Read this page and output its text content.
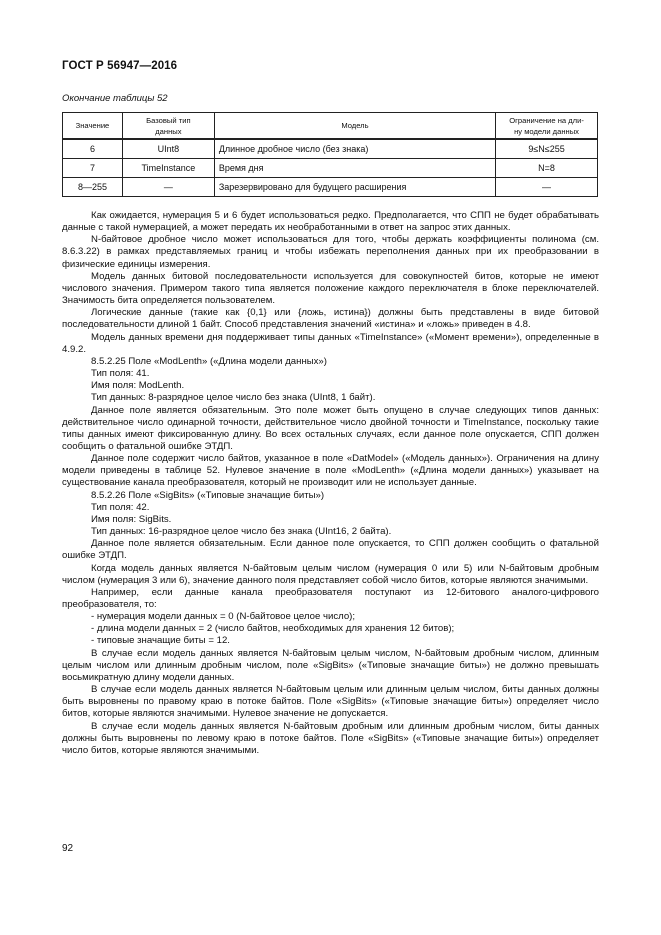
ГОСТ Р 56947—2016
Окончание таблицы 52
Значение	Базовый тип данных	Модель	Ограничение на дли- ну модели данных
6	UInt8	Длинное дробное число (без знака)	9≤N≤255
7	TimeInstance	Время дня	N=8
8—255	—	Зарезервировано для будущего расширения	—

Как ожидается, нумерация 5 и 6 будет использоваться редко. Предполагается, что СПП не будет обрабатывать данные с такой нумерацией, а может передать их необработанными в ответ на запрос этих данных.

N-байтовое дробное число может использоваться для того, чтобы держать коэффициенты полинома (см. 8.6.3.22) в рамках представляемых границ и чтобы избежать переполнения данных при их преобразовании в физические единицы измерения.

Модель данных битовой последовательности используется для совокупностей битов, которые не имеют числового значения. Примером такого типа является положение каждого переключателя в блоке переключателей. Значимость бита определяется пользователем.

Логические данные (такие как {0,1} или {ложь, истина}) должны быть представлены в виде битовой последовательности длиной 1 байт. Способ представления значений «истина» и «ложь» приведен в 4.8.

Модель данных времени дня поддерживает типы данных «TimeInstance» («Момент времени»), определенные в 4.9.2.

8.5.2.25 Поле «ModLenth» («Длина модели данных»)

Тип поля: 41.

Имя поля: ModLenth.

Тип данных: 8-разрядное целое число без знака (UInt8, 1 байт).

Данное поле является обязательным. Это поле может быть опущено в случае следующих типов данных: действительное число одинарной точности, действительное число двойной точности и TimeInstance, поскольку такие типы данных имеют фиксированную длину. Во всех остальных случаях, если данное поле опускается, СПП должен сообщить о фатальной ошибке ЭТДП.

Данное поле содержит число байтов, указанное в поле «DatModel» («Модель данных»). Ограничения на длину модели приведены в таблице 52. Нулевое значение в поле «ModLenth» («Длина модели данных») указывает на существование канала преобразователя, который не производит или не использует данные.

8.5.2.26 Поле «SigBits» («Типовые значащие биты»)

Тип поля: 42.

Имя поля: SigBits.

Тип данных: 16-разрядное целое число без знака (UInt16, 2 байта).

Данное поле является обязательным. Если данное поле опускается, то СПП должен сообщить о фатальной ошибке ЭТДП.

Когда модель данных является N-байтовым целым числом (нумерация 0 или 5) или N-байтовым дробным числом (нумерация 3 или 6), значение данного поля представляет собой число битов, которые являются значимыми.

Например, если данные канала преобразователя поступают из 12-битового аналого-цифрового преобразователя, то:

- нумерация модели данных = 0 (N-байтовое целое число);

- длина модели данных = 2 (число байтов, необходимых для хранения 12 битов);

- типовые значащие биты = 12.

В случае если модель данных является N-байтовым целым числом, N-байтовым дробным числом, длинным целым числом или длинным дробным числом, поле «SigBits» («Типовые значащие биты») не должно превышать восьмикратную длину модели данных.

В случае если модель данных является N-байтовым целым или длинным целым числом, биты данных должны быть выровнены по правому краю в потоке байтов. Поле «SigBits» («Типовые значащие биты») определяет число битов, которые являются значимыми. Нулевое значение не допускается.

В случае если модель данных является N-байтовым дробным или длинным дробным числом, биты данных должны быть выровнены по левому краю в потоке байтов. Поле «SigBits» («Типовые значащие биты») определяет число битов, которые являются значимыми.

92
